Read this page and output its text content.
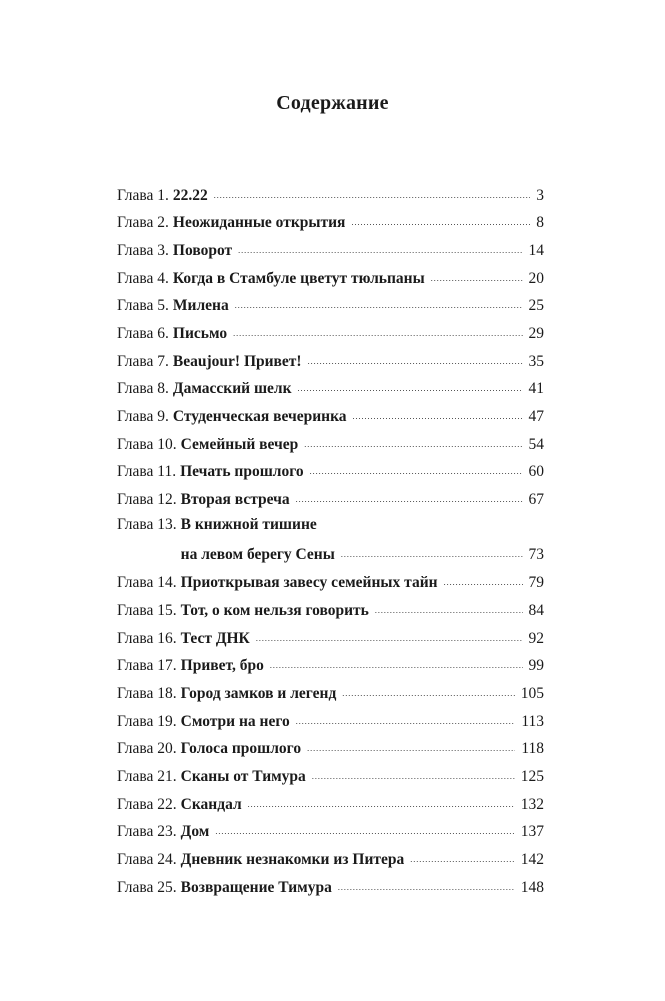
Содержание
Глава 1. 22.22 . . .	3
Глава 2. Неожиданные открытия . . .	8
Глава 3. Поворот . . .	14
Глава 4. Когда в Стамбуле цветут тюльпаны . . .	20
Глава 5. Милена . . .	25
Глава 6. Письмо . . .	29
Глава 7. Beaujour! Привет! . . .	35
Глава 8. Дамасский шелк . . .	41
Глава 9. Студенческая вечеринка . . .	47
Глава 10. Семейный вечер . . .	54
Глава 11. Печать прошлого . . .	60
Глава 12. Вторая встреча . . .	67
Глава 13. В книжной тишине
на левом берегу Сены . . .	73
Глава 14. Приоткрывая завесу семейных тайн . . .	79
Глава 15. Тот, о ком нельзя говорить . . .	84
Глава 16. Тест ДНК . . .	92
Глава 17. Привет, бро . . .	99
Глава 18. Город замков и легенд . . .	105
Глава 19. Смотри на него . . .	113
Глава 20. Голоса прошлого . . .	118
Глава 21. Сканы от Тимура . . .	125
Глава 22. Скандал . . .	132
Глава 23. Дом . . .	137
Глава 24. Дневник незнакомки из Питера . . .	142
Глава 25. Возвращение Тимура . . .	148
